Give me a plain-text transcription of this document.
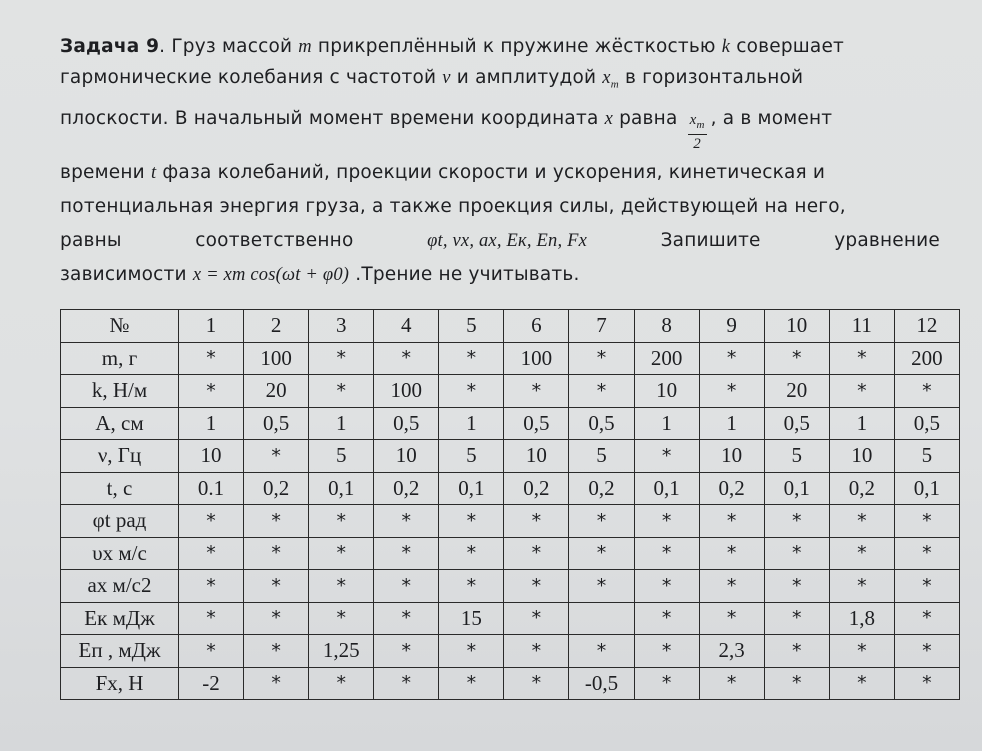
Задача 9. Груз массой m прикреплённый к пружине жёсткостью k совершает
гармонические колебания с частотой ν и амплитудой $x_m$ в горизонтальной
плоскости. В начальный момент времени координата x равна $\frac{x_m}{2}$ , а в момент
времени t фаза колебаний, проекции скорости и ускорения, кинетическая и
потенциальная энергия груза, а также проекция силы, действующей на него,
равны	соответственно	φt, vx, ax, Eк, Eп, Fx	Запишите	уравнение
зависимости x = xm cos(ωt + φ0) .Трение не учитывать.
№	1	2	3	4	5	6	7	8	9	10	11	12
m, г	*	100	*	*	*	100	*	200	*	*	*	200
k, Н/м	*	20	*	100	*	*	*	10	*	20	*	*
A, см	1	0,5	1	0,5	1	0,5	0,5	1	1	0,5	1	0,5
ν, Гц	10	*	5	10	5	10	5	*	10	5	10	5
t, с	0.1	0,2	0,1	0,2	0,1	0,2	0,2	0,1	0,2	0,1	0,2	0,1
φt рад	*	*	*	*	*	*	*	*	*	*	*	*
υx м/с	*	*	*	*	*	*	*	*	*	*	*	*
ax м/с2	*	*	*	*	*	*	*	*	*	*	*	*
Eк мДж	*	*	*	*	15	*		*	*	*	1,8	*
Eп , мДж	*	*	1,25	*	*	*	*	*	2,3	*	*	*
Fx, Н	-2	*	*	*	*	*	-0,5	*	*	*	*	*
